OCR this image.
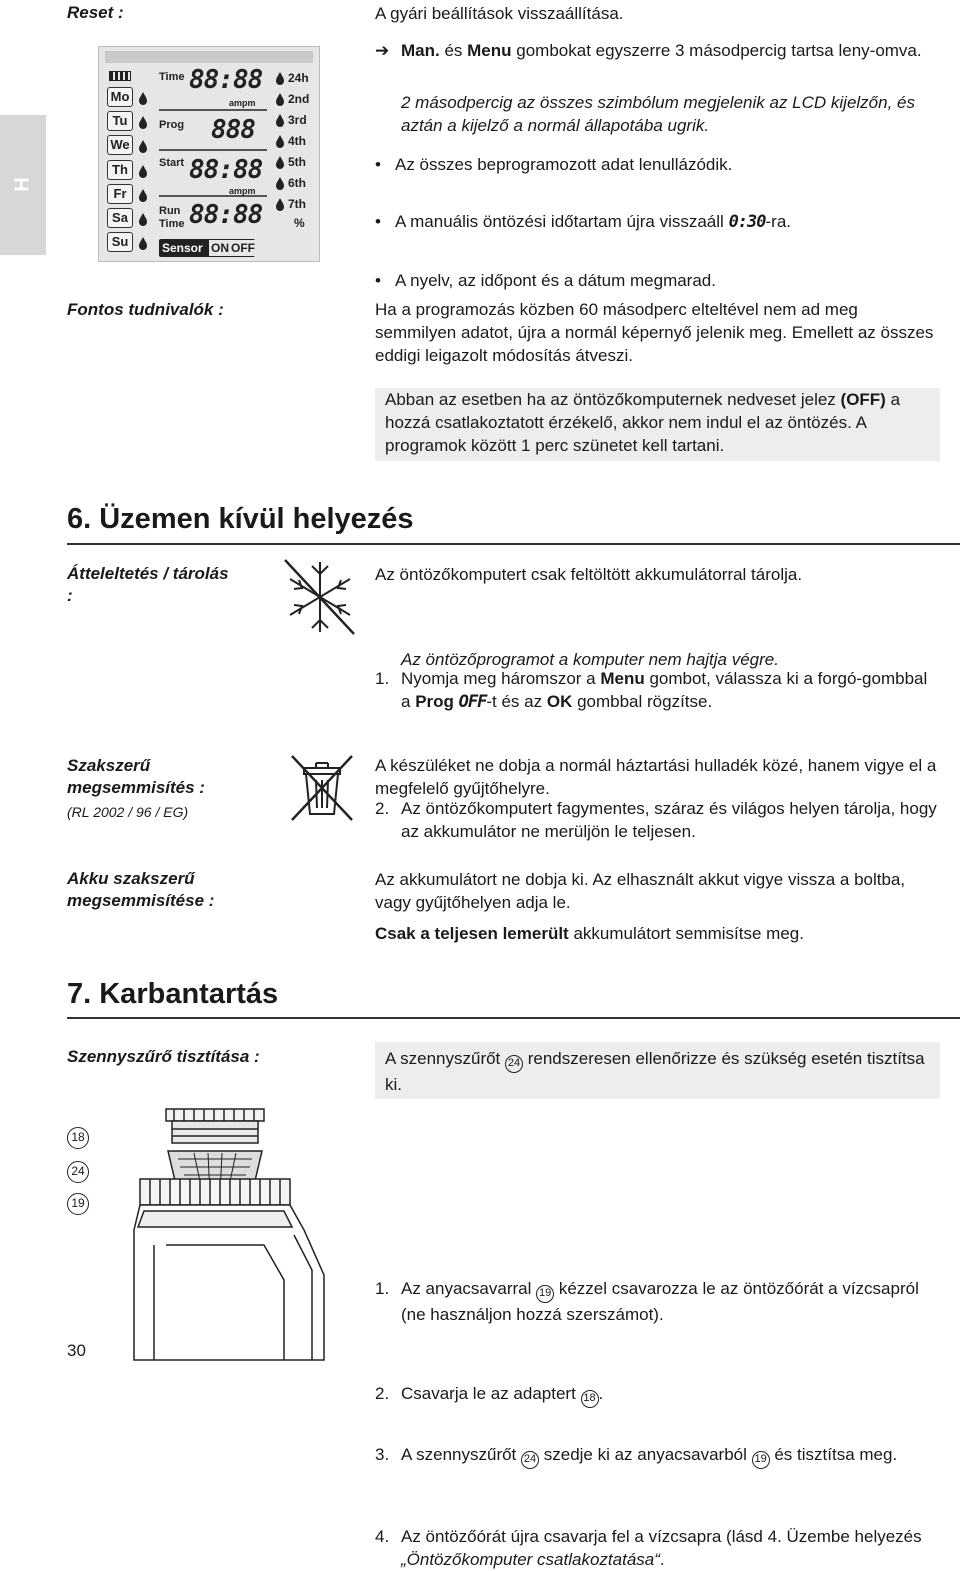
H
Reset :	A gyári beállítások visszaállítása.
➔ Man. és Menu gombokat egyszerre 3 másodpercig tartsa leny-omva.
2 másodpercig az összes szimbólum megjelenik az LCD kijelzőn, és aztán a kijelző a normál állapotába ugrik.
• Az összes beprogramozott adat lenullázódik.
• A manuális öntözési időtartam újra visszaáll 0:30-ra.
• A nyelv, az időpont és a dátum megmarad.
Mo
Tu
We
Th
Fr
Sa
Su
Time
Prog
Start
Run
Time
88:88
ampm
888
88:88
ampm
88:88
24h
2nd
3rd
4th
5th
6th
7th
%
Sensor ON OFF
Fontos tudnivalók :	Ha a programozás közben 60 másodperc elteltével nem ad meg semmilyen adatot, újra a normál képernyő jelenik meg. Emellett az összes eddigi leigazolt módosítás átveszi.
Abban az esetben ha az öntözőkomputernek nedveset jelez (OFF) a hozzá csatlakoztatott érzékelő, akkor nem indul el az öntözés. A programok között 1 perc szünetet kell tartani.
6. Üzemen kívül helyezés
Átteleltetés / tárolás :
Az öntözőkomputert csak feltöltött akkumulátorral tárolja.
1. Nyomja meg háromszor a Menu gombot, válassza ki a forgó-gombbal a Prog OFF-t és az OK gombbal rögzítse.
Az öntözőprogramot a komputer nem hajtja végre.
2. Az öntözőkomputert fagymentes, száraz és világos helyen tárolja, hogy az akkumulátor ne merüljön le teljesen.
Szakszerű megsemmisítés :
(RL 2002 / 96 / EG)
A készüléket ne dobja a normál háztartási hulladék közé, hanem vigye el a megfelelő gyűjtőhelyre.
Akku szakszerű megsemmisítése :
Az akkumulátort ne dobja ki. Az elhasznált akkut vigye vissza a boltba, vagy gyűjtőhelyen adja le.
Csak a teljesen lemerült akkumulátort semmisítse meg.
7. Karbantartás
Szennyszűrő tisztítása :	A szennyszűrőt 24 rendszeresen ellenőrizze és szükség esetén tisztítsa ki.
18
24
19
1. Az anyacsavarral 19 kézzel csavarozza le az öntözőórát a vízcsapról (ne használjon hozzá szerszámot).
2. Csavarja le az adaptert 18 .
3. A szennyszűrőt 24 szedje ki az anyacsavarból 19 és tisztítsa meg.
4. Az öntözőórát újra csavarja fel a vízcsapra (lásd 4. Üzembe helyezés „Öntözőkomputer csatlakoztatása“.
30
